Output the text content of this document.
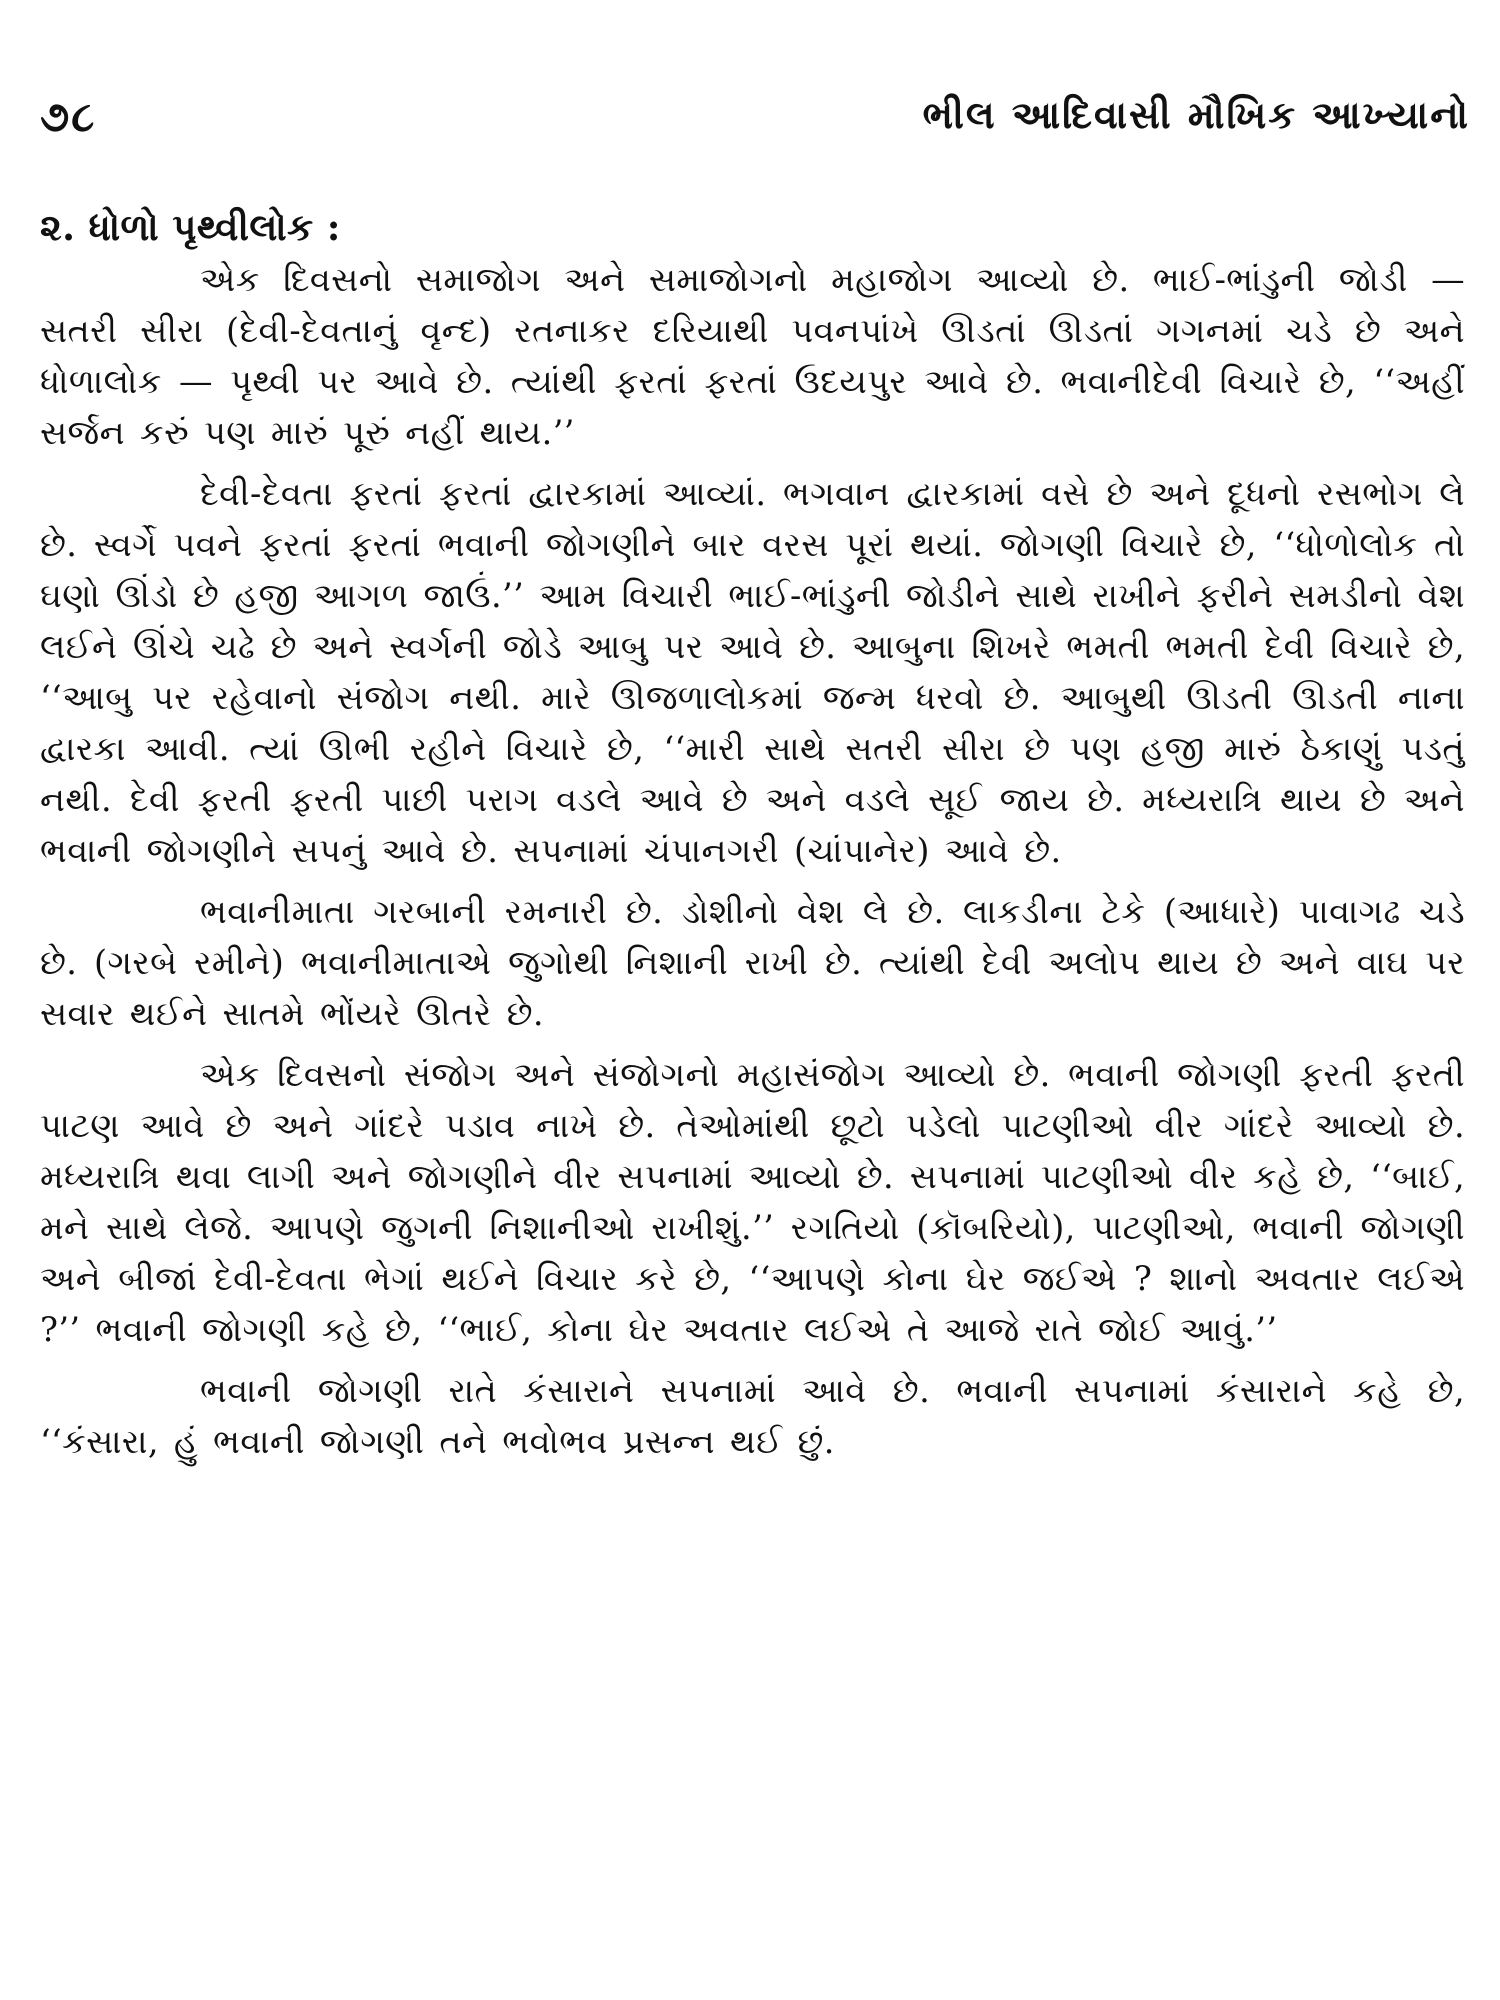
૭૮	ભીલ આદિવાસી મૌખિક આખ્યાનો
૨. ધોળો પૃથ્વીલોક :

એક દિવસનો સમાજોગ અને સમાજોગનો મહાજોગ આવ્યો છે. ભાઈ-ભાંડુની જોડી — સતરી સીરા (દેવી-દેવતાનું વૃન્દ) રતનાકર દરિયાથી પવનપાંખે ઊડતાં ઊડતાં ગગનમાં ચડે છે અને ધોળાલોક — પૃથ્વી પર આવે છે. ત્યાંથી ફરતાં ફરતાં ઉદયપુર આવે છે. ભવાનીદેવી વિચારે છે, ‘‘અહીં સર્જન કરું પણ મારું પૂરું નહીં થાય.’’

દેવી-દેવતા ફરતાં ફરતાં દ્વારકામાં આવ્યાં. ભગવાન દ્વારકામાં વસે છે અને દૂધનો રસભોગ લે છે. સ્વર્ગે પવને ફરતાં ફરતાં ભવાની જોગણીને બાર વરસ પૂરાં થયાં. જોગણી વિચારે છે, ‘‘ધોળોલોક તો ઘણો ઊંડો છે હજી આગળ જાઉં.’’ આમ વિચારી ભાઈ-ભાંડુની જોડીને સાથે રાખીને ફરીને સમડીનો વેશ લઈને ઊંચે ચઢે છે અને સ્વર્ગની જોડે આબુ પર આવે છે. આબુના શિખરે ભમતી ભમતી દેવી વિચારે છે, ‘‘આબુ પર રહેવાનો સંજોગ નથી. મારે ઊજળાલોકમાં જન્મ ધરવો છે. આબુથી ઊડતી ઊડતી નાના દ્વારકા આવી. ત્યાં ઊભી રહીને વિચારે છે, ‘‘મારી સાથે સતરી સીરા છે પણ હજી મારું ઠેકાણું પડતું નથી. દેવી ફરતી ફરતી પાછી પરાગ વડલે આવે છે અને વડલે સૂઈ જાય છે. મધ્યરાત્રિ થાય છે અને ભવાની જોગણીને સપનું આવે છે. સપનામાં ચંપાનગરી (ચાંપાનેર) આવે છે.

ભવાનીમાતા ગરબાની રમનારી છે. ડોશીનો વેશ લે છે. લાકડીના ટેકે (આધારે) પાવાગઢ ચડે છે. (ગરબે રમીને) ભવાનીમાતાએ જુગોથી નિશાની રાખી છે. ત્યાંથી દેવી અલોપ થાય છે અને વાઘ પર સવાર થઈને સાતમે ભોંયરે ઊતરે છે.

એક દિવસનો સંજોગ અને સંજોગનો મહાસંજોગ આવ્યો છે. ભવાની જોગણી ફરતી ફરતી પાટણ આવે છે અને ગાંદરે પડાવ નાખે છે. તેઓમાંથી છૂટો પડેલો પાટણીઓ વીર ગાંદરે આવ્યો છે. મધ્યરાત્રિ થવા લાગી અને જોગણીને વીર સપનામાં આવ્યો છે. સપનામાં પાટણીઓ વીર કહે છે, ‘‘બાઈ, મને સાથે લેજે. આપણે જુગની નિશાનીઓ રાખીશું.’’ રગતિયો (કૉબરિયો), પાટણીઓ, ભવાની જોગણી અને બીજાં દેવી-દેવતા ભેગાં થઈને વિચાર કરે છે, ‘‘આપણે કોના ઘેર જઈએ ? શાનો અવતાર લઈએ ?’’ ભવાની જોગણી કહે છે, ‘‘ભાઈ, કોના ઘેર અવતાર લઈએ તે આજે રાતે જોઈ આવું.’’

ભવાની જોગણી રાતે કંસારાને સપનામાં આવે છે. ભવાની સપનામાં કંસારાને કહે છે, ‘‘કંસારા, હું ભવાની જોગણી તને ભવોભવ પ્રસન્ન થઈ છું.
